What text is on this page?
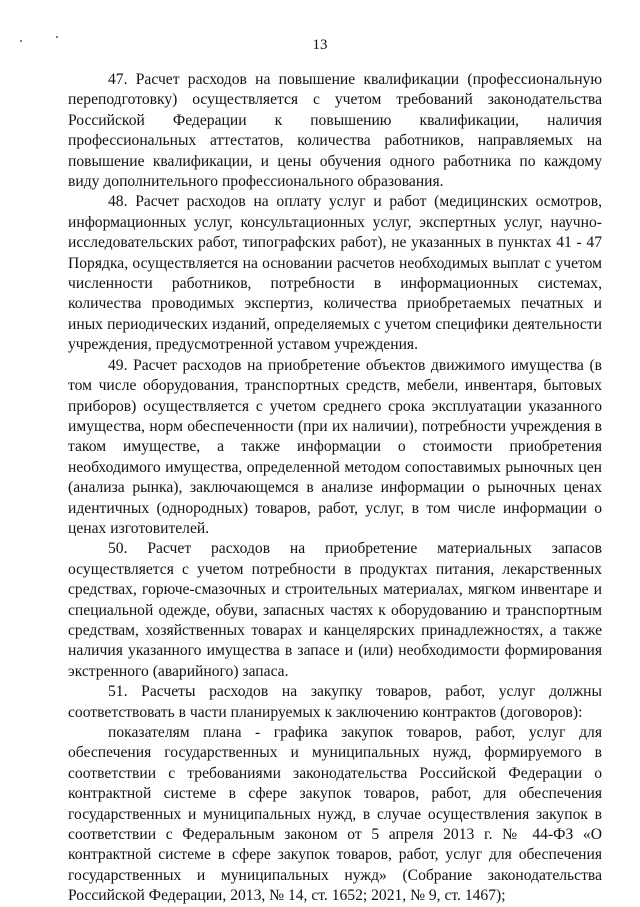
13

47. Расчет расходов на повышение квалификации (профессиональную переподготовку) осуществляется с учетом требований законодательства Российской Федерации к повышению квалификации, наличия профессиональных аттестатов, количества работников, направляемых на повышение квалификации, и цены обучения одного работника по каждому виду дополнительного профессионального образования.

48. Расчет расходов на оплату услуг и работ (медицинских осмотров, информационных услуг, консультационных услуг, экспертных услуг, научно-исследовательских работ, типографских работ), не указанных в пунктах 41 - 47 Порядка, осуществляется на основании расчетов необходимых выплат с учетом численности работников, потребности в информационных системах, количества проводимых экспертиз, количества приобретаемых печатных и иных периодических изданий, определяемых с учетом специфики деятельности учреждения, предусмотренной уставом учреждения.

49. Расчет расходов на приобретение объектов движимого имущества (в том числе оборудования, транспортных средств, мебели, инвентаря, бытовых приборов) осуществляется с учетом среднего срока эксплуатации указанного имущества, норм обеспеченности (при их наличии), потребности учреждения в таком имуществе, а также информации о стоимости приобретения необходимого имущества, определенной методом сопоставимых рыночных цен (анализа рынка), заключающемся в анализе информации о рыночных ценах идентичных (однородных) товаров, работ, услуг, в том числе информации о ценах изготовителей.

50. Расчет расходов на приобретение материальных запасов осуществляется с учетом потребности в продуктах питания, лекарственных средствах, горюче-смазочных и строительных материалах, мягком инвентаре и специальной одежде, обуви, запасных частях к оборудованию и транспортным средствам, хозяйственных товарах и канцелярских принадлежностях, а также наличия указанного имущества в запасе и (или) необходимости формирования экстренного (аварийного) запаса.

51. Расчеты расходов на закупку товаров, работ, услуг должны соответствовать в части планируемых к заключению контрактов (договоров):

показателям плана - графика закупок товаров, работ, услуг для обеспечения государственных и муниципальных нужд, формируемого в соответствии с требованиями законодательства Российской Федерации о контрактной системе в сфере закупок товаров, работ, для обеспечения государственных и муниципальных нужд, в случае осуществления закупок в соответствии с Федеральным законом от 5 апреля 2013 г. № 44-ФЗ «О контрактной системе в сфере закупок товаров, работ, услуг для обеспечения государственных и муниципальных нужд» (Собрание законодательства Российской Федерации, 2013, № 14, ст. 1652; 2021, № 9, ст. 1467);
